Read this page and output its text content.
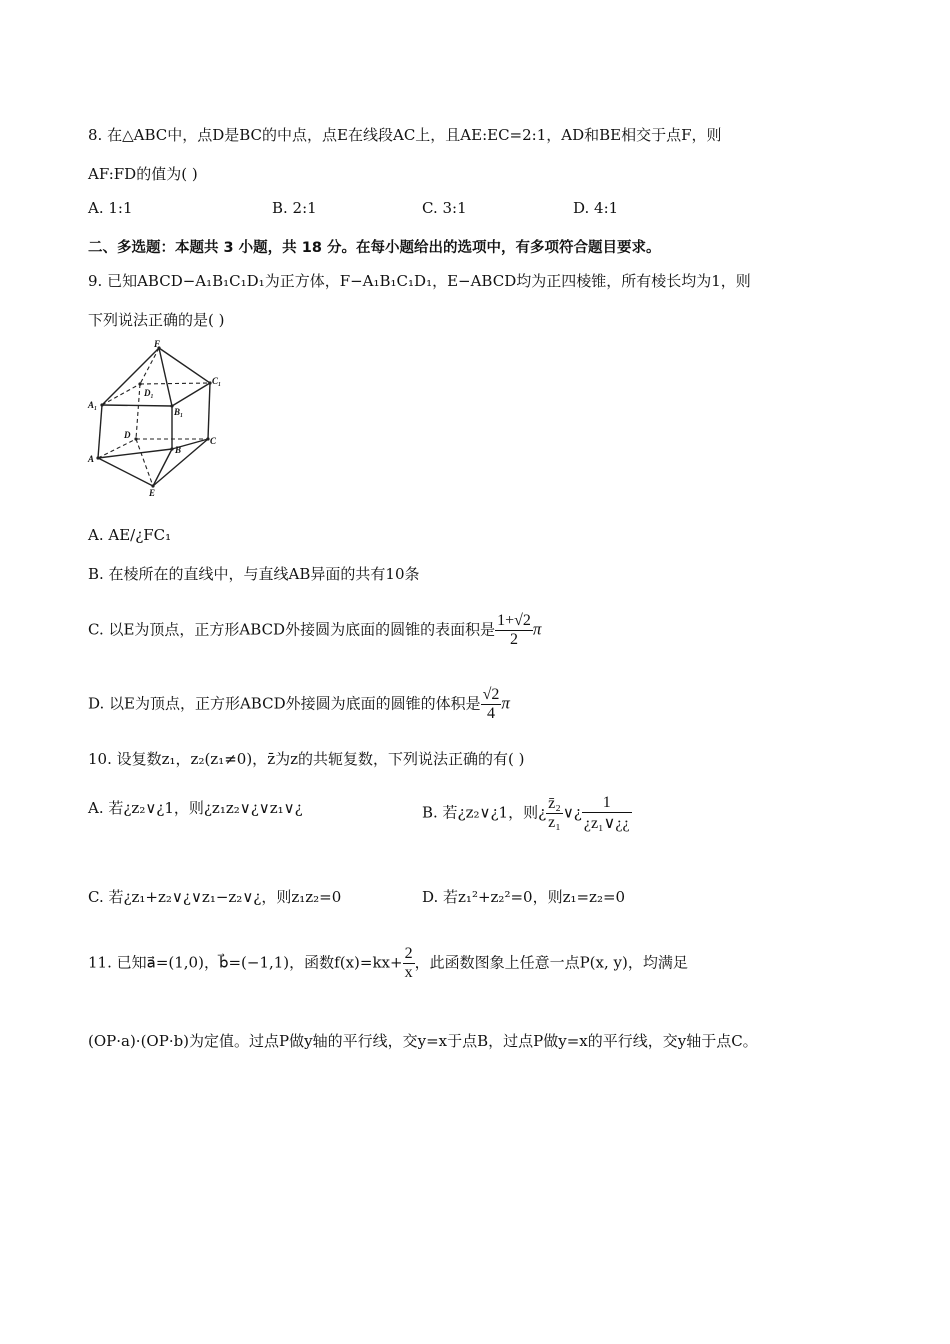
8. 在△ABC中，点D是BC的中点，点E在线段AC上，且AE:EC=2:1，AD和BE相交于点F，则
AF:FD的值为( )
A. 1:1	B. 2:1	C. 3:1	D. 4:1
二、多选题：本题共 3 小题，共 18 分。在每小题给出的选项中，有多项符合题目要求。
9. 已知ABCD−A₁B₁C₁D₁为正方体，F−A₁B₁C₁D₁，E−ABCD均为正四棱锥，所有棱长均为1，则
下列说法正确的是( )
F
C₁
A₁
D₁
B₁
D
C
B
A
E
A. AE/¿FC₁
B. 在棱所在的直线中，与直线AB异面的共有10条
C. 以E为顶点，正方形ABCD外接圆为底面的圆锥的表面积是 $\frac{1+√2}{2}$ π
D. 以E为顶点，正方形ABCD外接圆为底面的圆锥的体积是 $\frac{√2}{4}$ π
10. 设复数z₁，z₂(z₁≠0)，z̄为z的共轭复数，下列说法正确的有( )
A. 若¿z₂∨¿1，则¿z₁z₂∨¿∨z₁∨¿	B. 若¿z₂∨¿1，则¿ $\frac{\text{z̄₂}}{\text{z₁}}$ ∨¿ $\frac{1}{\text{¿z₁∨¿¿}}$
C. 若¿z₁+z₂∨¿∨z₁−z₂∨¿，则z₁z₂=0	D. 若z₁²+z₂²=0，则z₁=z₂=0
11. 已知a⃗=(1,0)，b⃗=(−1,1)，函数$f(x)=kx+ \frac{2}{x}$ ，此函数图象上任意一点P(x, y)，均满足
(OP·a)·(OP·b)为定值。过点P做y轴的平行线，交y=x于点B，过点P做y=x的平行线，交y轴于点C。
